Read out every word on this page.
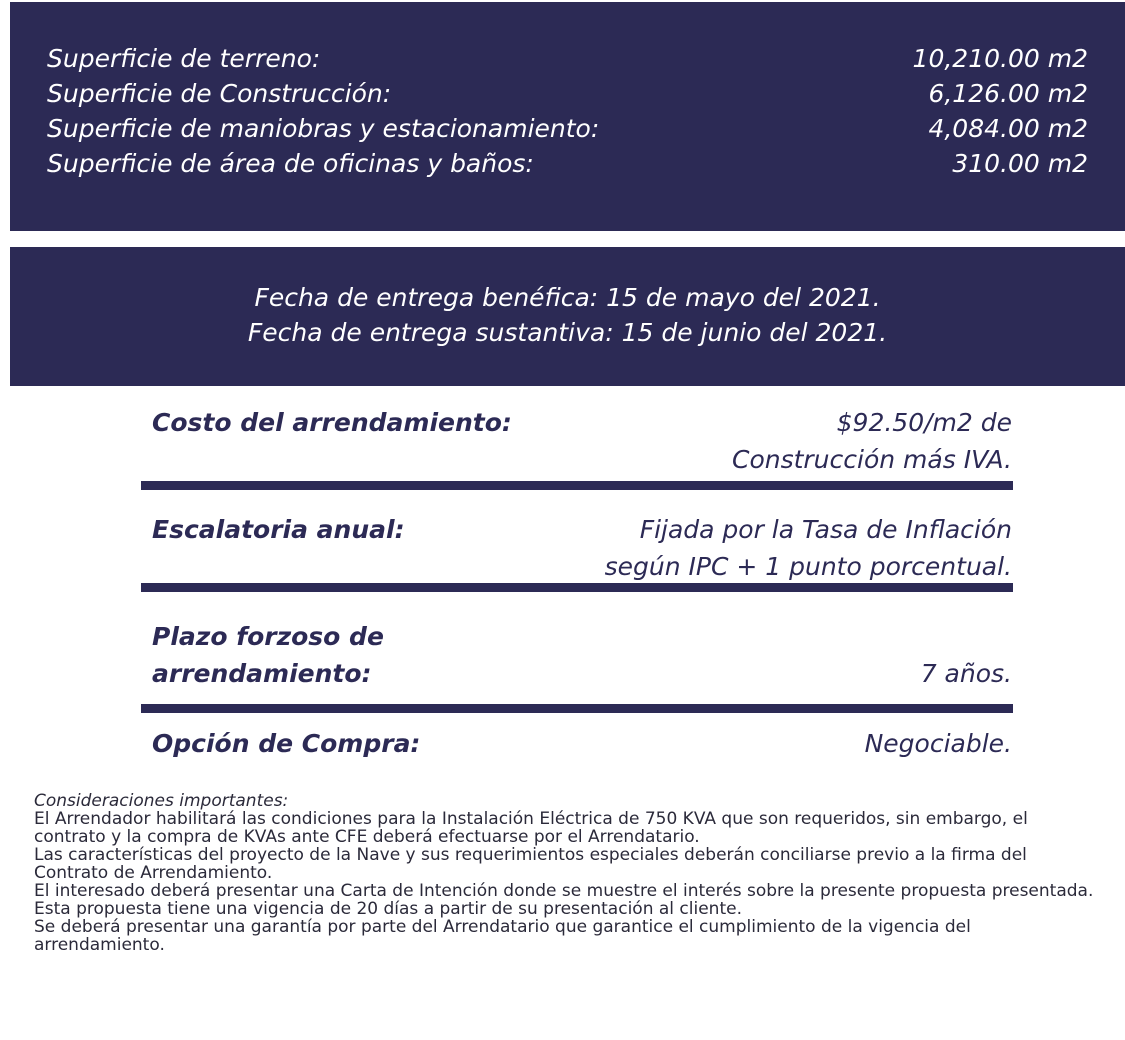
Superficie de terreno:	10,210.00 m2
Superficie de Construcción:	6,126.00 m2
Superficie de maniobras y estacionamiento:	4,084.00 m2
Superficie de área de oficinas y baños:	310.00 m2
Fecha de entrega benéfica: 15 de mayo del 2021.
Fecha de entrega sustantiva: 15 de junio del 2021.
Costo del arrendamiento:	$92.50/m2 de
Construcción más IVA.
Escalatoria anual:	Fijada por la Tasa de Inflación
según IPC + 1 punto porcentual.
Plazo forzoso de
arrendamiento:	7 años.
Opción de Compra:	Negociable.

Consideraciones importantes:

El Arrendador habilitará las condiciones para la Instalación Eléctrica de 750 KVA que son requeridos, sin embargo, el contrato y la compra de KVAs ante CFE deberá efectuarse por el Arrendatario.

Las características del proyecto de la Nave y sus requerimientos especiales deberán conciliarse previo a la firma del Contrato de Arrendamiento.

El interesado deberá presentar una Carta de Intención donde se muestre el interés sobre la presente propuesta presentada.

Esta propuesta tiene una vigencia de 20 días a partir de su presentación al cliente.

Se deberá presentar una garantía por parte del Arrendatario que garantice el cumplimiento de la vigencia del arrendamiento.
